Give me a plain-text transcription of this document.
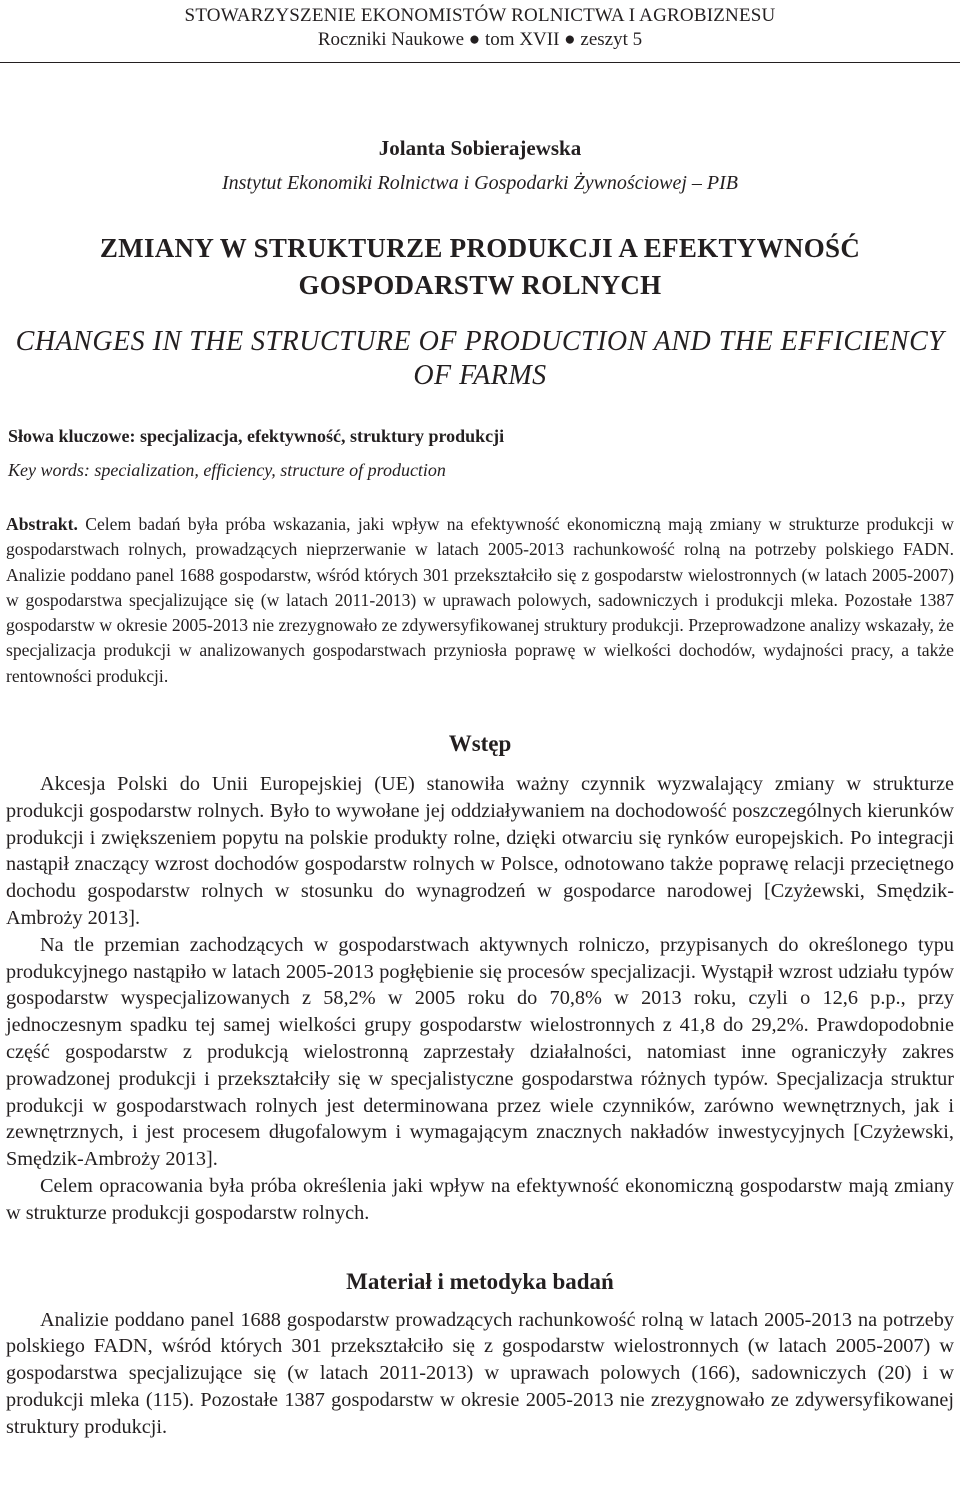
STOWARZYSZENIE EKONOMISTÓW ROLNICTWA I AGROBIZNESU
Roczniki Naukowe ● tom XVII ● zeszyt 5
Jolanta Sobierajewska
Instytut Ekonomiki Rolnictwa i Gospodarki Żywnościowej – PIB
ZMIANY W STRUKTURZE PRODUKCJI A EFEKTYWNOŚĆ
GOSPODARSTW ROLNYCH
CHANGES IN THE STRUCTURE OF PRODUCTION AND THE EFFICIENCY
OF FARMS
Słowa kluczowe: specjalizacja, efektywność, struktury produkcji
Key words: specialization, efficiency, structure of production
Abstrakt. Celem badań była próba wskazania, jaki wpływ na efektywność ekonomiczną mają zmiany w strukturze produkcji w gospodarstwach rolnych, prowadzących nieprzerwanie w latach 2005-2013 rachunkowość rolną na potrzeby polskiego FADN. Analizie poddano panel 1688 gospodarstw, wśród których 301 przekształciło się z gospodarstw wielostronnych (w latach 2005-2007) w gospodarstwa specjalizujące się (w latach 2011-2013) w uprawach polowych, sadowniczych i produkcji mleka. Pozostałe 1387 gospodarstw w okresie 2005-2013 nie zrezygnowało ze zdywersyfikowanej struktury produkcji. Przeprowadzone analizy wskazały, że specjalizacja produkcji w analizowanych gospodarstwach przyniosła poprawę w wielkości dochodów, wydajności pracy, a także rentowności produkcji.
Wstęp

Akcesja Polski do Unii Europejskiej (UE) stanowiła ważny czynnik wyzwalający zmiany w strukturze produkcji gospodarstw rolnych. Było to wywołane jej oddziaływaniem na dochodowość poszczególnych kierunków produkcji i zwiększeniem popytu na polskie produkty rolne, dzięki otwarciu się rynków europejskich. Po integracji nastąpił znaczący wzrost dochodów gospodarstw rolnych w Polsce, odnotowano także poprawę relacji przeciętnego dochodu gospodarstw rolnych w stosunku do wynagrodzeń w gospodarce narodowej [Czyżewski, Smędzik-Ambroży 2013].

Na tle przemian zachodzących w gospodarstwach aktywnych rolniczo, przypisanych do określonego typu produkcyjnego nastąpiło w latach 2005-2013 pogłębienie się procesów specjalizacji. Wystąpił wzrost udziału typów gospodarstw wyspecjalizowanych z 58,2% w 2005 roku do 70,8% w 2013 roku, czyli o 12,6 p.p., przy jednoczesnym spadku tej samej wielkości grupy gospodarstw wielostronnych z 41,8 do 29,2%. Prawdopodobnie część gospodarstw z produkcją wielostronną zaprzestały działalności, natomiast inne ograniczyły zakres prowadzonej produkcji i przekształciły się w specjalistyczne gospodarstwa różnych typów. Specjalizacja struktur produkcji w gospodarstwach rolnych jest determinowana przez wiele czynników, zarówno wewnętrznych, jak i zewnętrznych, i jest procesem długofalowym i wymagającym znacznych nakładów inwestycyjnych [Czyżewski, Smędzik-Ambroży 2013].

Celem opracowania była próba określenia jaki wpływ na efektywność ekonomiczną gospodarstw mają zmiany w strukturze produkcji gospodarstw rolnych.

Materiał i metodyka badań

Analizie poddano panel 1688 gospodarstw prowadzących rachunkowość rolną w latach 2005-2013 na potrzeby polskiego FADN, wśród których 301 przekształciło się z gospodarstw wielostronnych (w latach 2005-2007) w gospodarstwa specjalizujące się (w latach 2011-2013) w uprawach polowych (166), sadowniczych (20) i w produkcji mleka (115). Pozostałe 1387 gospodarstw w okresie 2005-2013 nie zrezygnowało ze zdywersyfikowanej struktury produkcji.
